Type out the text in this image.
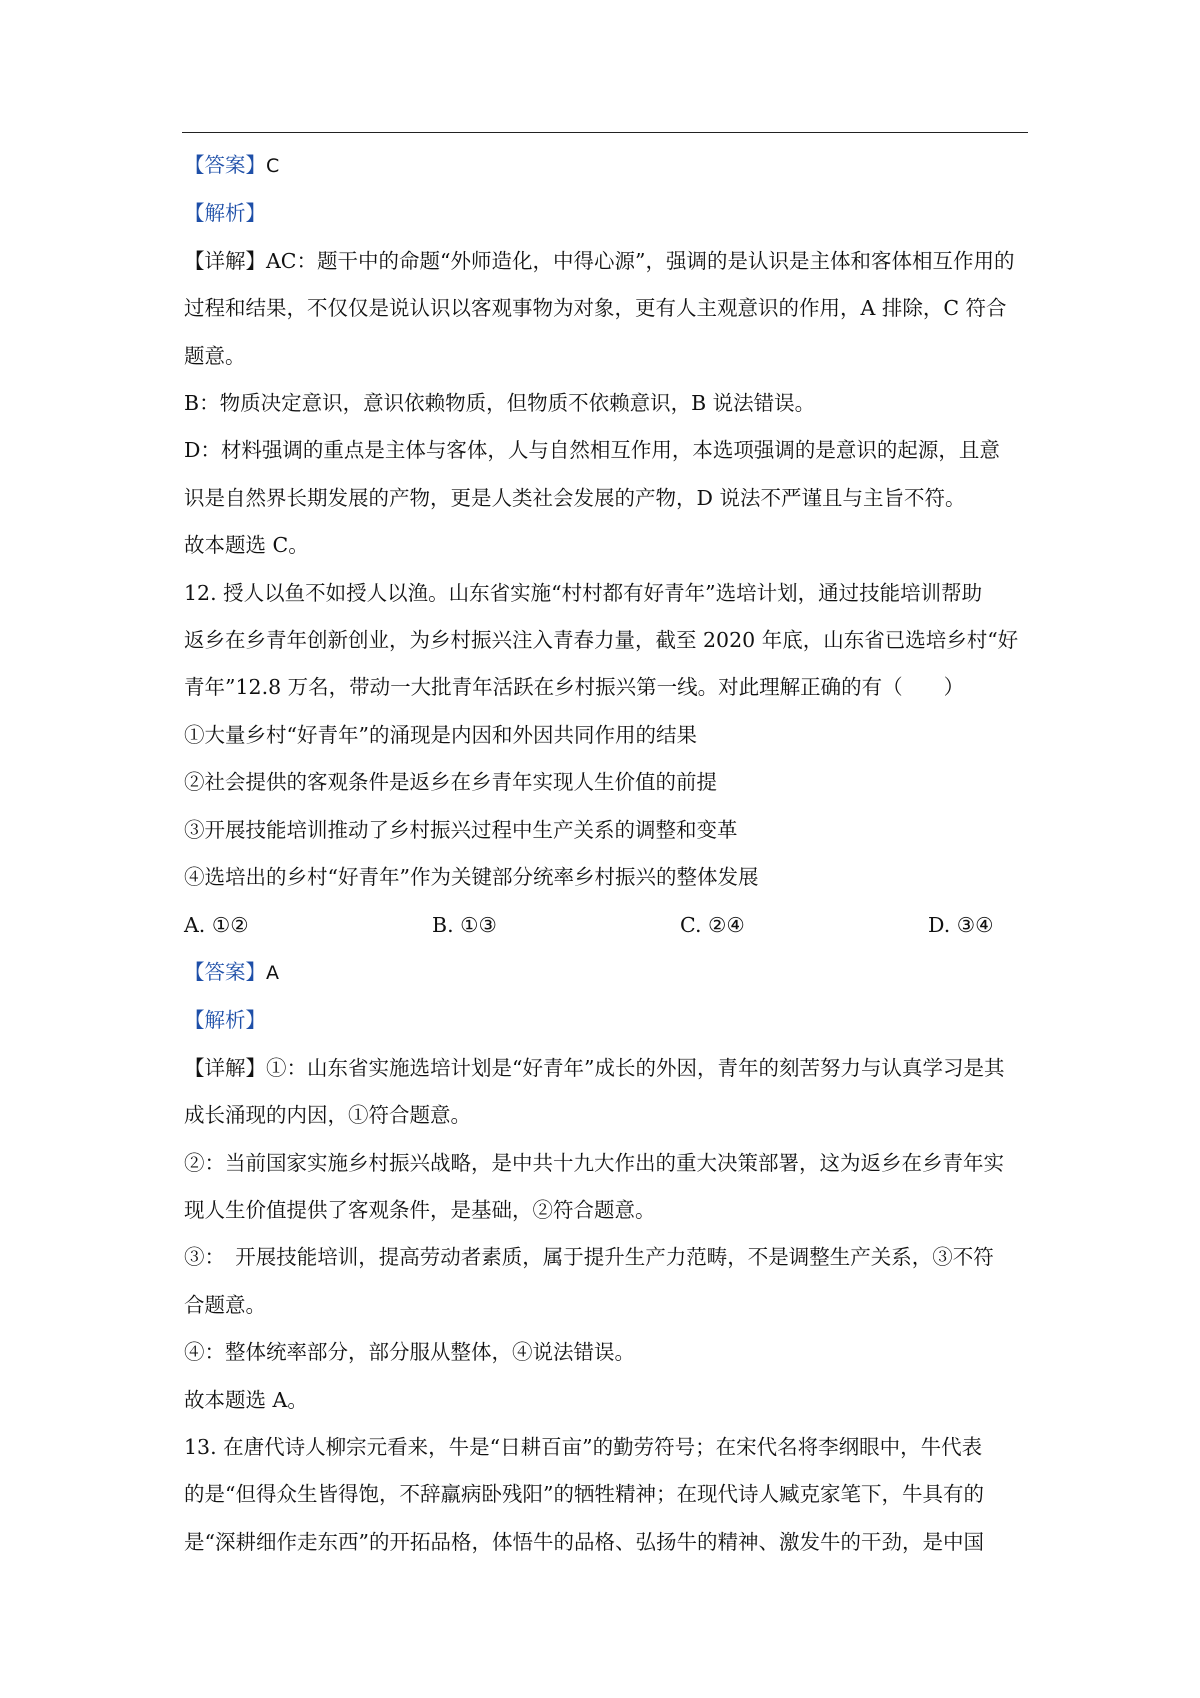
【答案】C

【解析】

【详解】AC：题干中的命题“外师造化，中得心源”，强调的是认识是主体和客体相互作用的

过程和结果，不仅仅是说认识以客观事物为对象，更有人主观意识的作用，A 排除，C 符合

题意。

B：物质决定意识，意识依赖物质，但物质不依赖意识，B 说法错误。

D：材料强调的重点是主体与客体，人与自然相互作用，本选项强调的是意识的起源，且意

识是自然界长期发展的产物，更是人类社会发展的产物，D 说法不严谨且与主旨不符。

故本题选 C。

12. 授人以鱼不如授人以渔。山东省实施“村村都有好青年”选培计划，通过技能培训帮助

返乡在乡青年创新创业，为乡村振兴注入青春力量，截至 2020 年底，山东省已选培乡村“好

青年”12.8 万名，带动一大批青年活跃在乡村振兴第一线。对此理解正确的有（　　）

①大量乡村“好青年”的涌现是内因和外因共同作用的结果

②社会提供的客观条件是返乡在乡青年实现人生价值的前提

③开展技能培训推动了乡村振兴过程中生产关系的调整和变革

④选培出的乡村“好青年”作为关键部分统率乡村振兴的整体发展

A. ①②	B. ①③	C. ②④	D. ③④

【答案】A

【解析】

【详解】①：山东省实施选培计划是“好青年”成长的外因，青年的刻苦努力与认真学习是其

成长涌现的内因，①符合题意。

②：当前国家实施乡村振兴战略，是中共十九大作出的重大决策部署，这为返乡在乡青年实

现人生价值提供了客观条件，是基础，②符合题意。

③：　开展技能培训，提高劳动者素质，属于提升生产力范畴，不是调整生产关系，③不符

合题意。

④：整体统率部分，部分服从整体，④说法错误。

故本题选 A。

13. 在唐代诗人柳宗元看来，牛是“日耕百亩”的勤劳符号；在宋代名将李纲眼中，牛代表

的是“但得众生皆得饱，不辞羸病卧残阳”的牺牲精神；在现代诗人臧克家笔下，牛具有的

是“深耕细作走东西”的开拓品格，体悟牛的品格、弘扬牛的精神、激发牛的干劲，是中国
